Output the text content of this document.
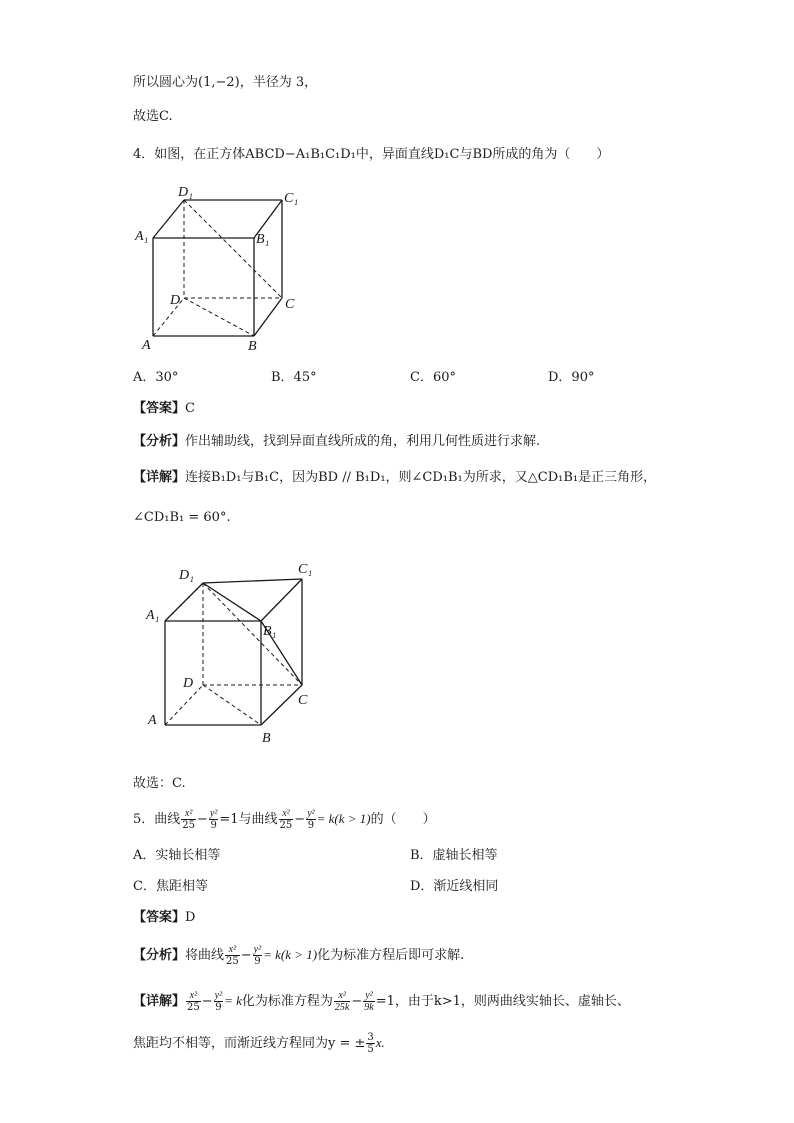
所以圆心为(1,−2)，半径为 3，
故选C.
4．如图，在正方体ABCD−A₁B₁C₁D₁中，异面直线D₁C与BD所成的角为（　　）
D₁	C₁
A₁	B₁
D	C
A	B
A．30°	B．45°	C．60°	D．90°
【答案】C
【分析】作出辅助线，找到异面直线所成的角，利用几何性质进行求解.
【详解】连接B₁D₁与B₁C，因为BD // B₁D₁，则∠CD₁B₁为所求，又△CD₁B₁是正三角形，
∠CD₁B₁ = 60°.
D₁	C₁
A₁
B₁
D
C
A
B
故选：C.
5．曲线 $\frac{\text{x²}}{25} - \frac{\text{y²}}{9} =1$与曲线 $\frac{\text{x²}}{25} - \frac{\text{y²}}{9} = k(k > 1)$的（　　）
A．实轴长相等	B．虚轴长相等
C．焦距相等	D．渐近线相同
【答案】D
【分析】将曲线 $\frac{\text{x²}}{25} - \frac{\text{y²}}{9} = k(k > 1)$化为标准方程后即可求解.
【详解】 $\frac{\text{x²}}{25} - \frac{\text{y²}}{9} = k$化为标准方程为 $\frac{\text{x²}}{25k} - \frac{\text{y²}}{9k} =1$，由于k>1，则两曲线实轴长、虚轴长、
焦距均不相等，而渐近线方程同为y = ± $\frac{3}{5} x$.
